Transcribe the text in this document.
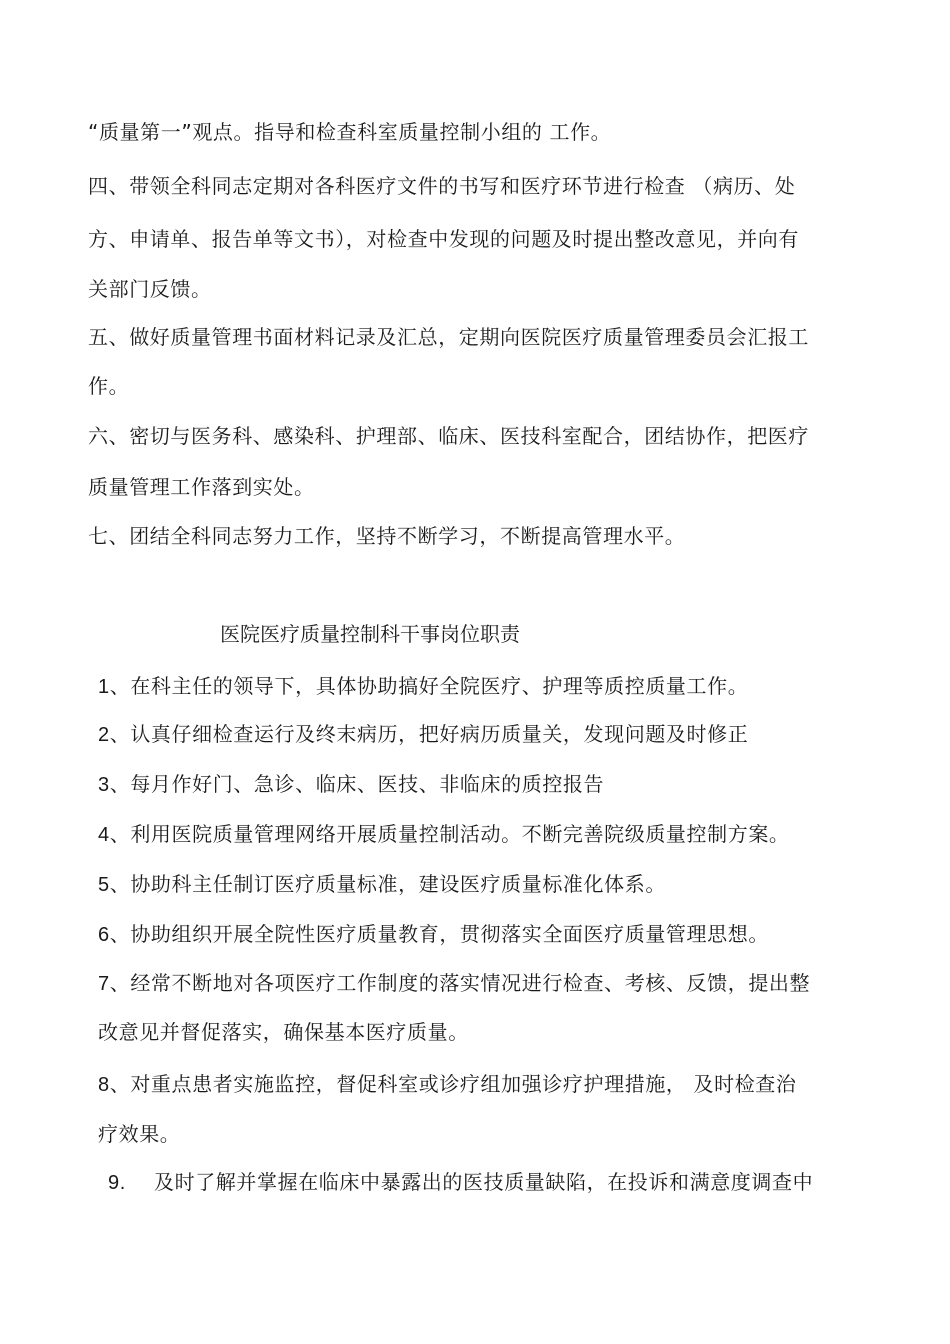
“质量第一”观点。指导和检查科室质量控制小组的 工作。
四、带领全科同志定期对各科医疗文件的书写和医疗环节进行检查 （病历、处
方、申请单、报告单等文书），对检查中发现的问题及时提出整改意见，并向有
关部门反馈。
五、做好质量管理书面材料记录及汇总，定期向医院医疗质量管理委员会汇报工
作。
六、密切与医务科、感染科、护理部、临床、医技科室配合，团结协作，把医疗
质量管理工作落到实处。
七、团结全科同志努力工作，坚持不断学习，不断提高管理水平。
医院医疗质量控制科干事岗位职责
1、在科主任的领导下，具体协助搞好全院医疗、护理等质控质量工作。
2、认真仔细检查运行及终末病历，把好病历质量关，发现问题及时修正
3、每月作好门、急诊、临床、医技、非临床的质控报告
4、利用医院质量管理网络开展质量控制活动。不断完善院级质量控制方案。
5、协助科主任制订医疗质量标准，建设医疗质量标准化体系。
6、协助组织开展全院性医疗质量教育，贯彻落实全面医疗质量管理思想。
7、经常不断地对各项医疗工作制度的落实情况进行检查、考核、反馈，提出整
改意见并督促落实，确保基本医疗质量。
8、对重点患者实施监控，督促科室或诊疗组加强诊疗护理措施， 及时检查治
疗效果。
9. 及时了解并掌握在临床中暴露出的医技质量缺陷，在投诉和满意度调查中
